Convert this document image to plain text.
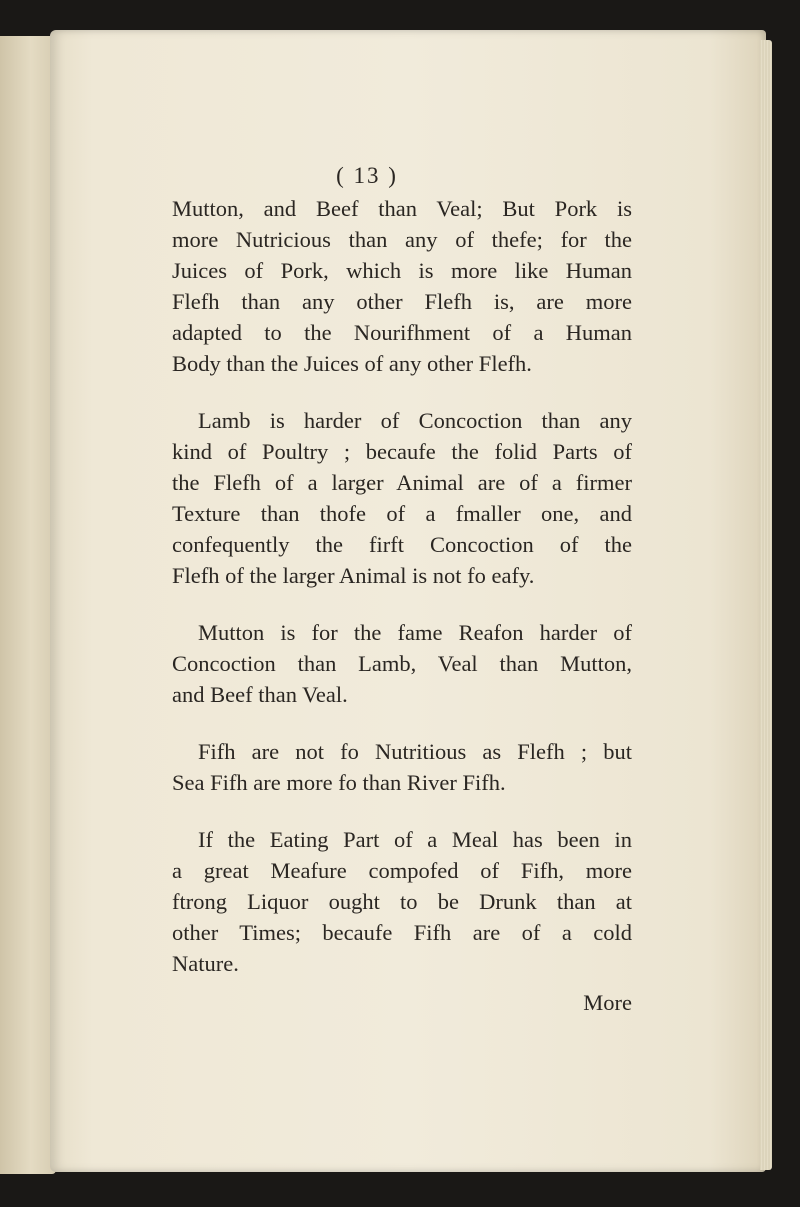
( 13 )
Mutton, and Beef than Veal; But Pork is
more Nutricious than any of thefe; for the
Juices of Pork, which is more like Human
Flefh than any other Flefh is, are more
adapted to the Nourifhment of a Human
Body than the Juices of any other Flefh.
Lamb is harder of Concoction than any
kind of Poultry ; becaufe the folid Parts of
the Flefh of a larger Animal are of a firmer
Texture than thofe of a fmaller one, and
confequently the firft Concoction of the
Flefh of the larger Animal is not fo eafy.
Mutton is for the fame Reafon harder of
Concoction than Lamb, Veal than Mutton,
and Beef than Veal.
Fifh are not fo Nutritious as Flefh ; but
Sea Fifh are more fo than River Fifh.
If the Eating Part of a Meal has been in
a great Meafure compofed of Fifh, more
ftrong Liquor ought to be Drunk than at
other Times; becaufe Fifh are of a cold
Nature.
More
